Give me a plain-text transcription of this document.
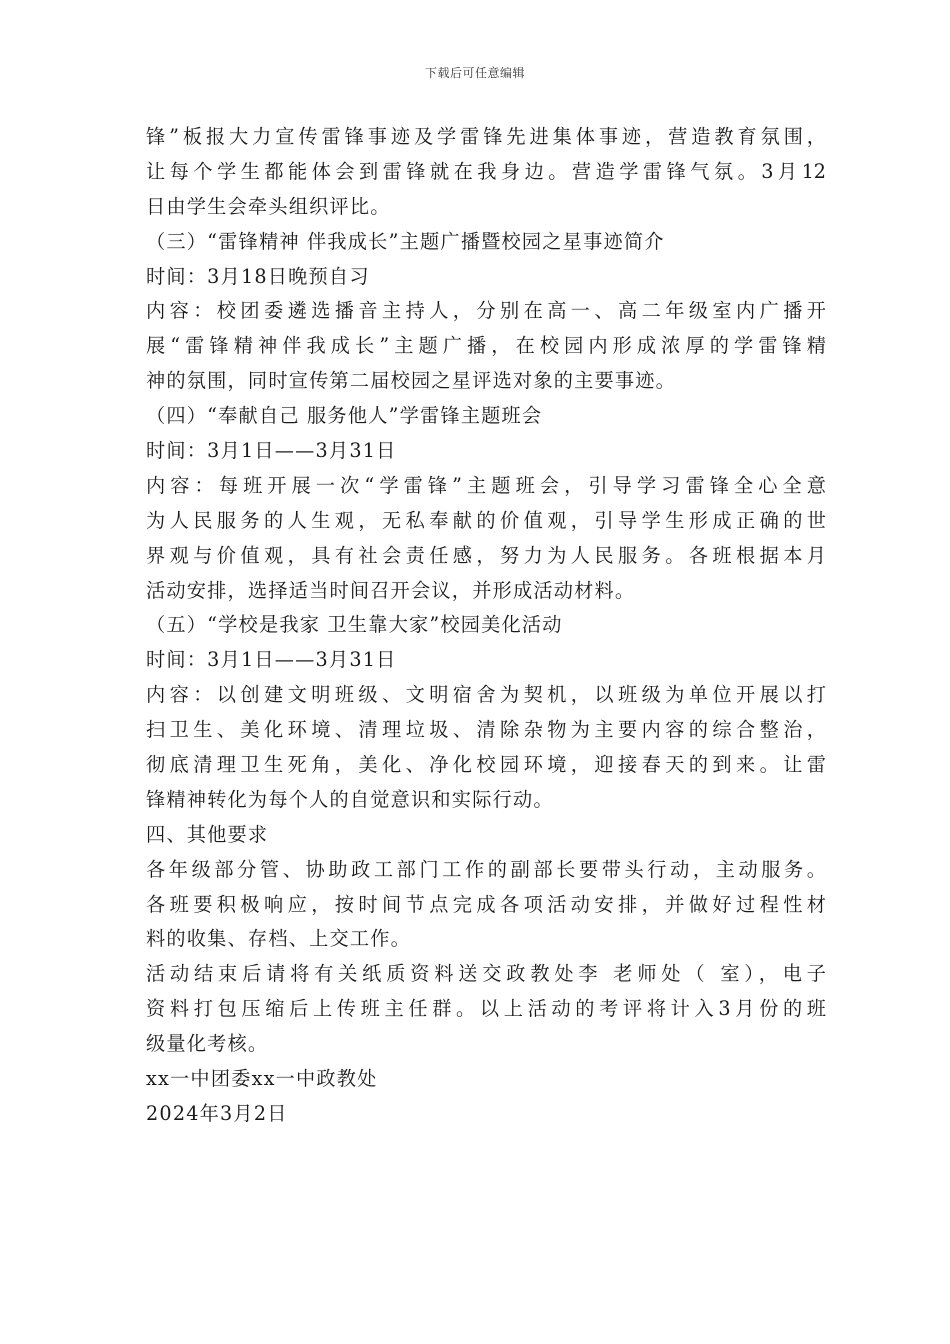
下载后可任意编辑
锋”板报大力宣传雷锋事迹及学雷锋先进集体事迹，营造教育氛围，
让每个学生都能体会到雷锋就在我身边。营造学雷锋气氛。3月12
日由学生会牵头组织评比。
（三）“雷锋精神 伴我成长”主题广播暨校园之星事迹简介
时间：3月18日晚预自习
内容：校团委遴选播音主持人，分别在高一、高二年级室内广播开
展“雷锋精神伴我成长”主题广播，在校园内形成浓厚的学雷锋精
神的氛围，同时宣传第二届校园之星评选对象的主要事迹。
（四）“奉献自己 服务他人”学雷锋主题班会
时间：3月1日——3月31日
内容：每班开展一次“学雷锋”主题班会，引导学习雷锋全心全意
为人民服务的人生观，无私奉献的价值观，引导学生形成正确的世
界观与价值观，具有社会责任感，努力为人民服务。各班根据本月
活动安排，选择适当时间召开会议，并形成活动材料。
（五）“学校是我家 卫生靠大家”校园美化活动
时间：3月1日——3月31日
内容：以创建文明班级、文明宿舍为契机，以班级为单位开展以打
扫卫生、美化环境、清理垃圾、清除杂物为主要内容的综合整治，
彻底清理卫生死角，美化、净化校园环境，迎接春天的到来。让雷
锋精神转化为每个人的自觉意识和实际行动。
四、其他要求
各年级部分管、协助政工部门工作的副部长要带头行动，主动服务。
各班要积极响应，按时间节点完成各项活动安排，并做好过程性材
料的收集、存档、上交工作。
活动结束后请将有关纸质资料送交政教处李 老师处（ 室），电子
资料打包压缩后上传班主任群。以上活动的考评将计入3月份的班
级量化考核。
xx一中团委xx一中政教处
2024年3月2日
